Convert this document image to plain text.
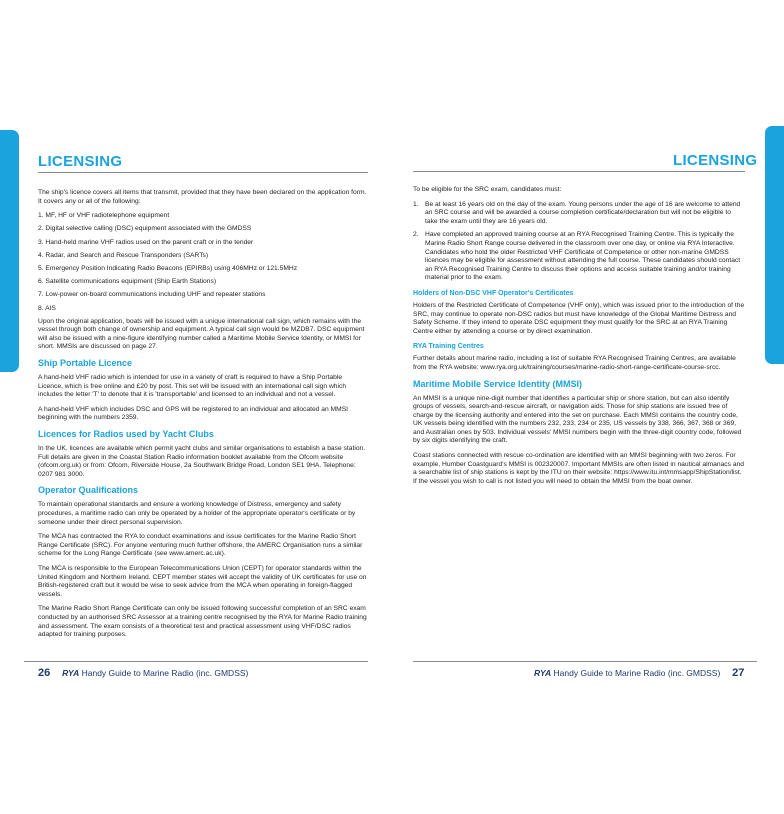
LICENSING

The ship's licence covers all items that transmit, provided that they have been declared on the application form. It covers any or all of the following:

1. MF, HF or VHF radiotelephone equipment
2. Digital selective calling (DSC) equipment associated with the GMDSS
3. Hand-held marine VHF radios used on the parent craft or in the tender
4. Radar, and Search and Rescue Transponders (SARTs)
5. Emergency Position Indicating Radio Beacons (EPIRBs) using 406MHz or 121.5MHz
6. Satellite communications equipment (Ship Earth Stations)
7. Low-power on-board communications including UHF and repeater stations
8. AIS

Upon the original application, boats will be issued with a unique international call sign, which remains with the vessel through both change of ownership and equipment. A typical call sign would be MZDB7. DSC equipment will also be issued with a nine-figure identifying number called a Maritime Mobile Service Identity, or MMSI for short. MMSIs are discussed on page 27.

Ship Portable Licence

A hand-held VHF radio which is intended for use in a variety of craft is required to have a Ship Portable Licence, which is free online and £20 by post. This set will be issued with an international call sign which includes the letter 'T' to denote that it is 'transportable' and licensed to an individual and not a vessel.

A hand-held VHF which includes DSC and GPS will be registered to an individual and allocated an MMSI beginning with the numbers 2359.

Licences for Radios used by Yacht Clubs

In the UK, licences are available which permit yacht clubs and similar organisations to establish a base station. Full details are given in the Coastal Station Radio information booklet available from the Ofcom website (ofcom.org.uk) or from: Ofcom, Riverside House, 2a Southwark Bridge Road, London SE1 9HA. Telephone: 0207 981 3000.

Operator Qualifications

To maintain operational standards and ensure a working knowledge of Distress, emergency and safety procedures, a maritime radio can only be operated by a holder of the appropriate operator's certificate or by someone under their direct personal supervision.

The MCA has contracted the RYA to conduct examinations and issue certificates for the Marine Radio Short Range Certificate (SRC). For anyone venturing much further offshore, the AMERC Organisation runs a similar scheme for the Long Range Certificate (see www.amerc.ac.uk).

The MCA is responsible to the European Telecommunications Union (CEPT) for operator standards within the United Kingdom and Northern Ireland. CEPT member states will accept the validity of UK certificates for use on British-registered craft but it would be wise to seek advice from the MCA when operating in foreign-flagged vessels.

The Marine Radio Short Range Certificate can only be issued following successful completion of an SRC exam conducted by an authorised SRC Assessor at a training centre recognised by the RYA for Marine Radio training and assessment. The exam consists of a theoretical test and practical assessment using VHF/DSC radios adapted for training purposes.

26 RYA Handy Guide to Marine Radio (inc. GMDSS)
LICENSING

To be eligible for the SRC exam, candidates must:

1. Be at least 16 years old on the day of the exam. Young persons under the age of 16 are welcome to attend an SRC course and will be awarded a course completion certificate/declaration but will not be eligible to take the exam until they are 16 years old.
2. Have completed an approved training course at an RYA Recognised Training Centre. This is typically the Marine Radio Short Range course delivered in the classroom over one day, or online via RYA Interactive. Candidates who hold the older Restricted VHF Certificate of Competence or other non-marine GMDSS licences may be eligible for assessment without attending the full course. These candidates should contact an RYA Recognised Training Centre to discuss their options and access suitable training and/or training material prior to the exam.
Holders of Non-DSC VHF Operator's Certificates

Holders of the Restricted Certificate of Competence (VHF only), which was issued prior to the introduction of the SRC, may continue to operate non-DSC radios but must have knowledge of the Global Maritime Distress and Safety Scheme. If they intend to operate DSC equipment they must qualify for the SRC at an RYA Training Centre either by attending a course or by direct examination.

RYA Training Centres

Further details about marine radio, including a list of suitable RYA Recognised Training Centres, are available from the RYA website: www.rya.org.uk/training/courses/marine-radio-short-range-certificate-course-srcc.

Maritime Mobile Service Identity (MMSI)

An MMSI is a unique nine-digit number that identifies a particular ship or shore station, but can also identify groups of vessels, search-and-rescue aircraft, or navigation aids. Those for ship stations are issued free of charge by the licensing authority and entered into the set on purchase. Each MMSI contains the country code, UK vessels being identified with the numbers 232, 233, 234 or 235, US vessels by 338, 366, 367, 368 or 369, and Australian ones by 503. Individual vessels' MMSI numbers begin with the three-digit country code, followed by six digits identifying the craft.

Coast stations connected with rescue co-ordination are identified with an MMSI beginning with two zeros. For example, Humber Coastguard's MMSI is 002320007. Important MMSIs are often listed in nautical almanacs and a searchable list of ship stations is kept by the ITU on their website: https://www.itu.int/mmsapp/ShipStation/list. If the vessel you wish to call is not listed you will need to obtain the MMSI from the boat owner.

RYA Handy Guide to Marine Radio (inc. GMDSS) 27
